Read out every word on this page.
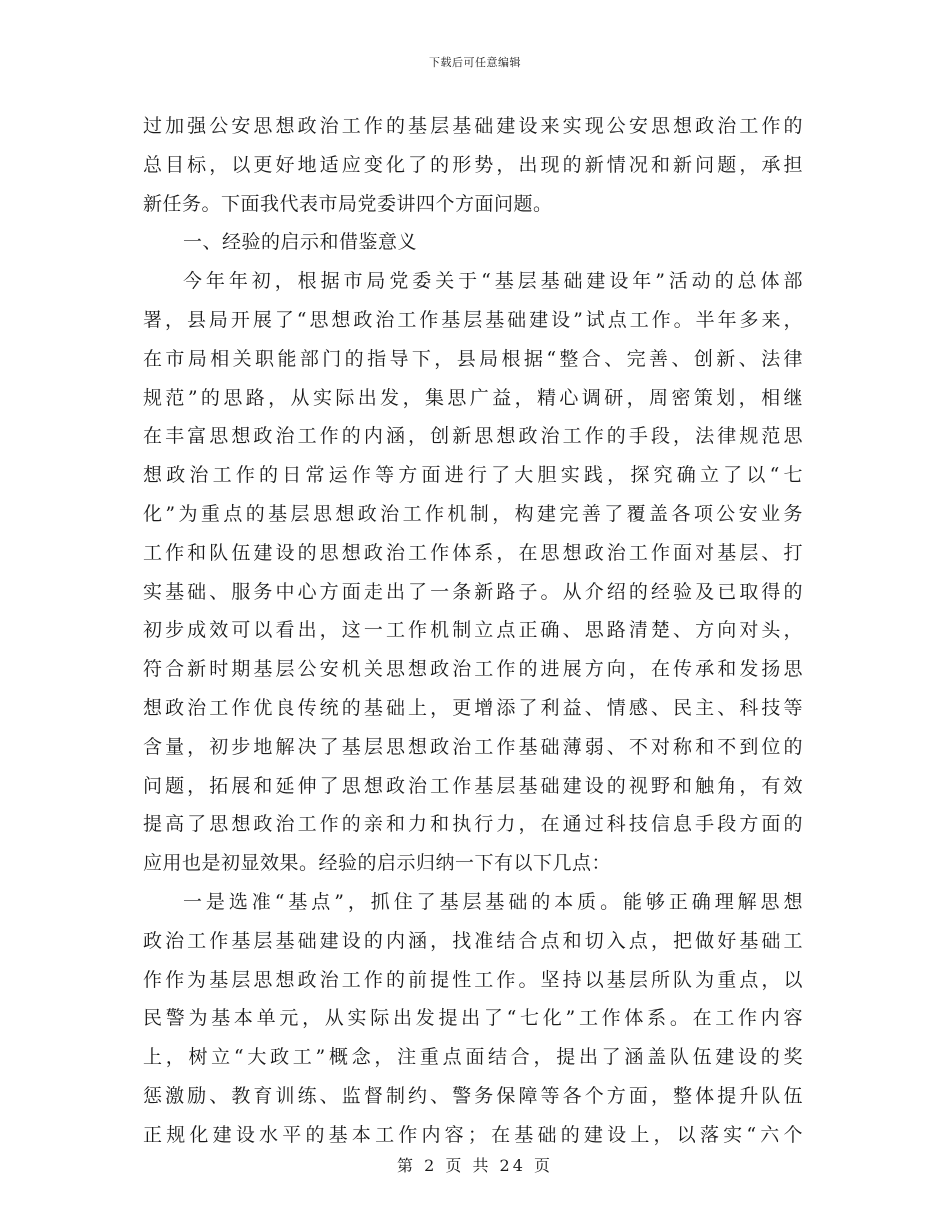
下载后可任意编辑
过加强公安思想政治工作的基层基础建设来实现公安思想政治工作的
总目标，以更好地适应变化了的形势，出现的新情况和新问题，承担
新任务。下面我代表市局党委讲四个方面问题。
一、经验的启示和借鉴意义
今年年初，根据市局党委关于“基层基础建设年”活动的总体部
署，县局开展了“思想政治工作基层基础建设”试点工作。半年多来，
在市局相关职能部门的指导下，县局根据“整合、完善、创新、法律
规范”的思路，从实际出发，集思广益，精心调研，周密策划，相继
在丰富思想政治工作的内涵，创新思想政治工作的手段，法律规范思
想政治工作的日常运作等方面进行了大胆实践，探究确立了以“七
化”为重点的基层思想政治工作机制，构建完善了覆盖各项公安业务
工作和队伍建设的思想政治工作体系，在思想政治工作面对基层、打
实基础、服务中心方面走出了一条新路子。从介绍的经验及已取得的
初步成效可以看出，这一工作机制立点正确、思路清楚、方向对头，
符合新时期基层公安机关思想政治工作的进展方向，在传承和发扬思
想政治工作优良传统的基础上，更增添了利益、情感、民主、科技等
含量，初步地解决了基层思想政治工作基础薄弱、不对称和不到位的
问题，拓展和延伸了思想政治工作基层基础建设的视野和触角，有效
提高了思想政治工作的亲和力和执行力，在通过科技信息手段方面的
应用也是初显效果。经验的启示归纳一下有以下几点：
一是选准“基点”，抓住了基层基础的本质。能够正确理解思想
政治工作基层基础建设的内涵，找准结合点和切入点，把做好基础工
作作为基层思想政治工作的前提性工作。坚持以基层所队为重点，以
民警为基本单元，从实际出发提出了“七化”工作体系。在工作内容
上，树立“大政工”概念，注重点面结合，提出了涵盖队伍建设的奖
惩激励、教育训练、监督制约、警务保障等各个方面，整体提升队伍
正规化建设水平的基本工作内容；在基础的建设上，以落实“六个
第 2 页 共 24 页
